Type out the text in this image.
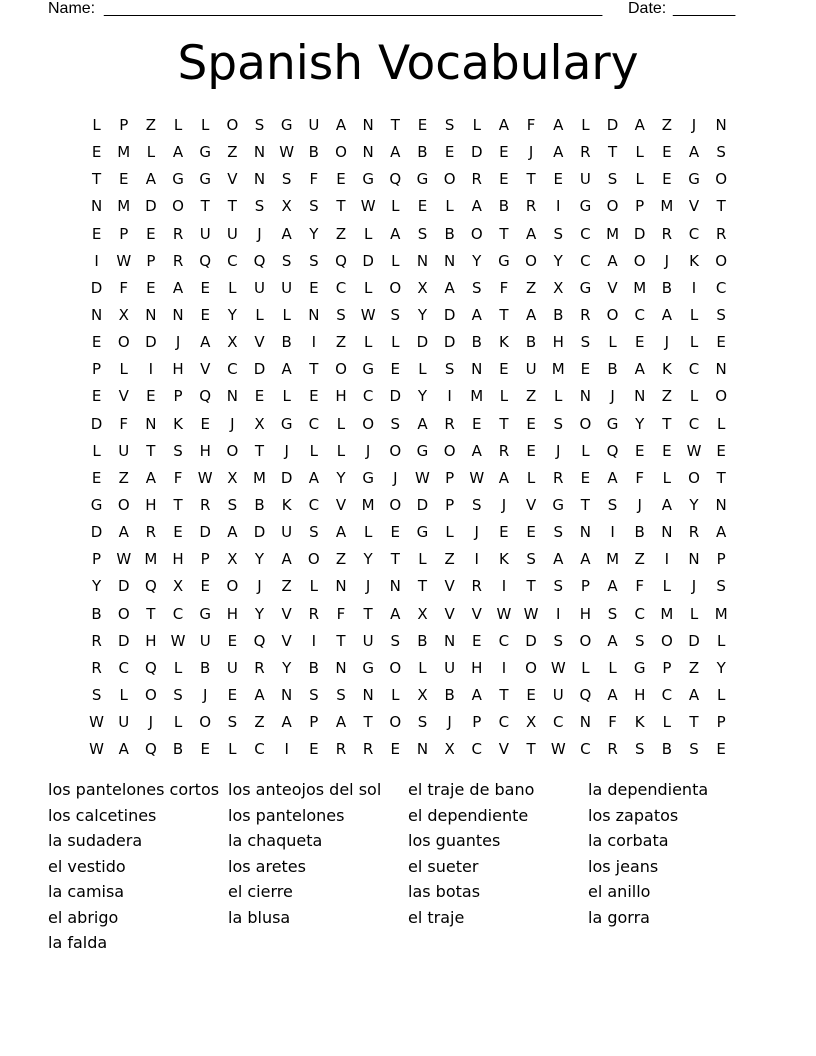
Name: ________________________________________________________ Date: _______
Spanish Vocabulary
L	P	Z	L	L	O	S	G	U	A	N	T	E	S	L	A	F	A	L	D	A	Z	J	N
E	M	L	A	G	Z	N W B	O	N	A	B	E	D	E	J	A	R	T	L	E	A	S
T	E	A	G	G	V	N	S	F	E	G	Q	G	O	R	E	T	E	U	S	L	E	G	O
N	M D	O	T	T	S	X	S	T	W	L	E	L	A	B	R	I	G	O	P	M	V	T
E	P	E	R	U	U	J	A	Y	Z	L	A	S	B	O	T	A	S	C	M D	R	C	R
I	W	P	R	Q	C	Q	S	S	Q	D	L	N	N	Y	G	O	Y	C	A	O	J	K	O
D	F	E	A	E	L	U	U	E	C	L	O	X	A	S	F	Z	X	G	V	M	B	I	C
N	X	N	N	E	Y	L	L	N	S W S	Y	D	A	T	A	B	R	O	C	A	L	S
E	O	D	J	A	X	V	B	I	Z	L	L	D	D	B	K	B	H	S	L	E	J	L	E
P	L	I	H	V	C	D	A	T	O	G	E	L	S	N	E	U	M	E	B	A	K	C	N
E	V	E	P	Q	N	E	L	E	H	C	D	Y	I	M	L	Z	L	N	J	N	Z	L	O
D	F	N	K	E	J	X	G	C	L	O	S	A	R	E	T	E	S	O	G	Y	T	C	L
L	U	T	S	H	O	T	J	L	L	J	O	G	O	A	R	E	J	L	Q	E	E	W E
E	Z	A	F	W X	M D	A	Y	G	J	W	P	W A	L	R	E	A	F	L	O	T
G	O	H	T	R	S	B	K	C	V	M O	D	P	S	J	V	G	T	S	J	A	Y	N
D	A	R	E	D	A	D	U	S	A	L	E	G	L	J	E	E	S	N	I	B	N	R	A
P	W M	H	P	X	Y	A	O	Z	Y	T	L	Z	I	K	S	A	A	M	Z	I	N	P
Y	D	Q	X	E	O	J	Z	L	N	J	N	T	V	R	I	T	S	P	A	F	L	J	S
B	O	T	C	G	H	Y	V	R	F	T	A	X	V	V W W	I	H	S	C	M	L	M
R	D	H W U	E	Q	V	I	T	U	S	B	N	E	C	D	S	O	A	S	O	D	L
R	C	Q	L	B	U	R	Y	B	N	G	O	L	U	H	I	O W	L	L	G	P	Z	Y
S	L	O	S	J	E	A	N	S	S	N	L	X	B	A	T	E	U	Q	A	H	C	A	L
W U	J	L	O	S	Z	A	P	A	T	O	S	J	P	C	X	C	N	F	K	L	T	P
W A	Q	B	E	L	C	I	E	R	R	E	N	X	C	V	T	W C	R	S	B	S	E
los pantelones cortos
los calcetines
la sudadera
el vestido
la camisa
el abrigo
la falda
los anteojos del sol
los pantelones
la chaqueta
los aretes
el cierre
la blusa
el traje de bano
el dependiente
los guantes
el sueter
las botas
el traje
la dependienta
los zapatos
la corbata
los jeans
el anillo
la gorra
